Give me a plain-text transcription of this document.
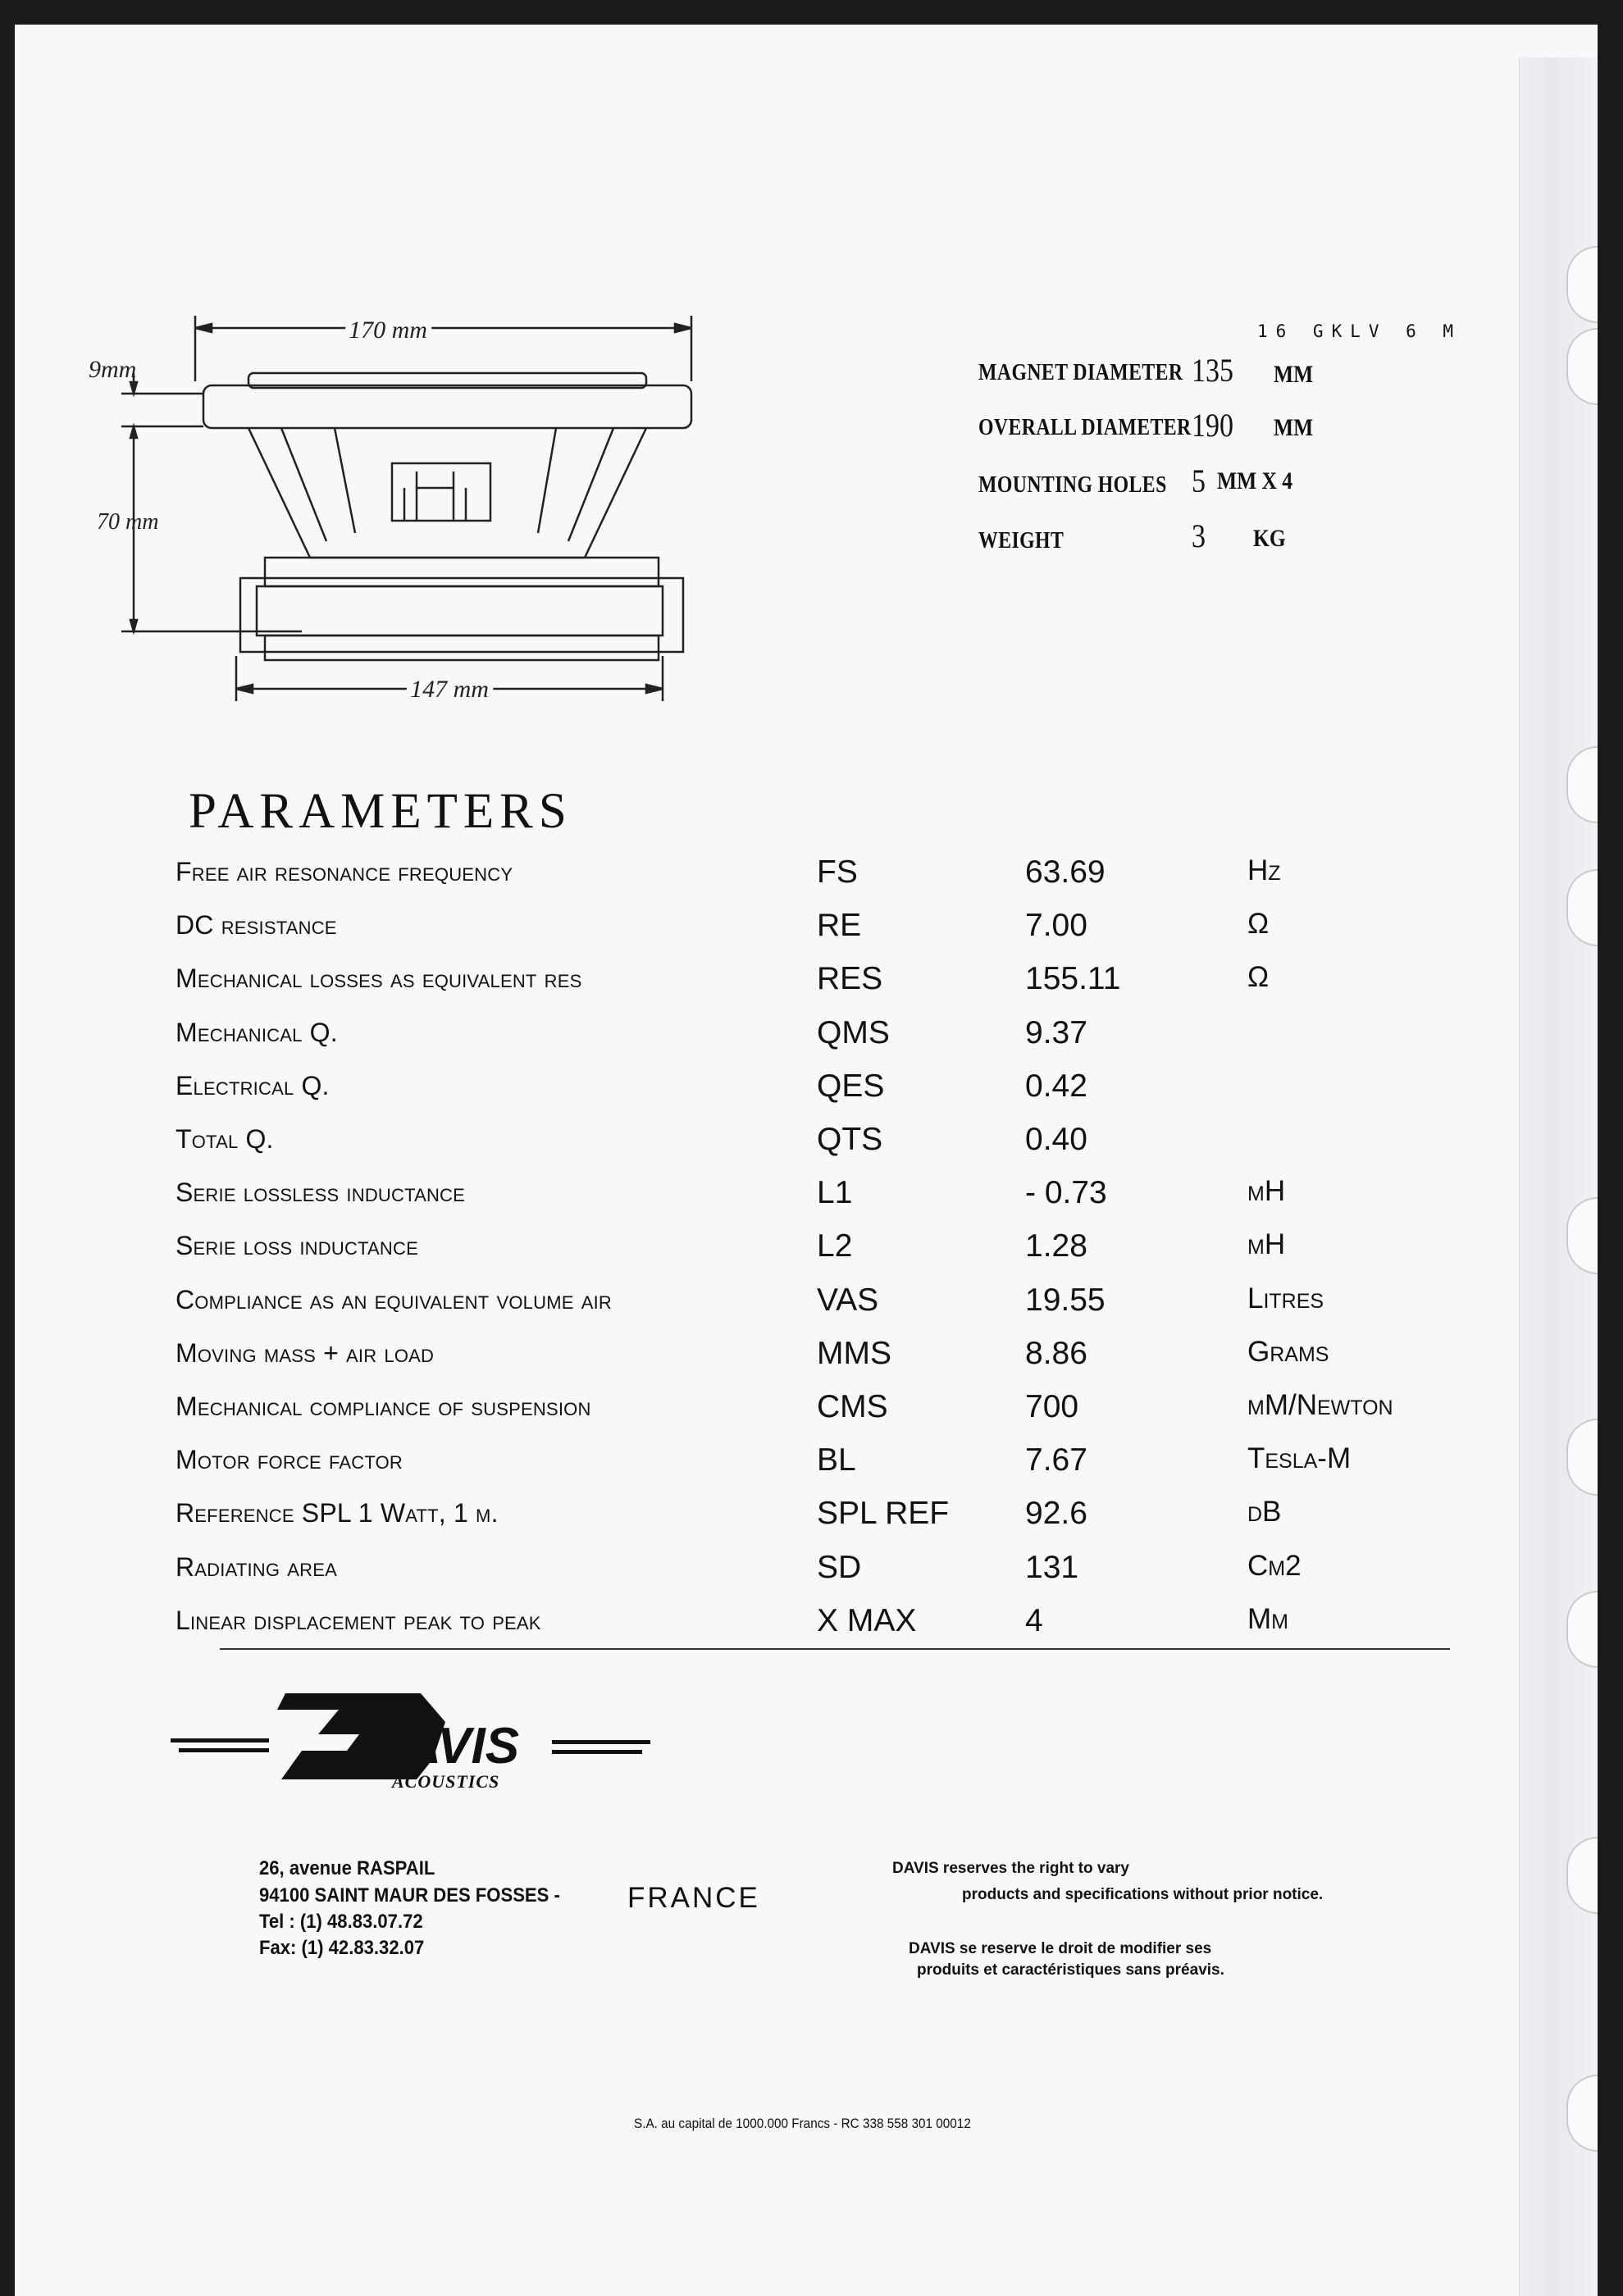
170 mm
9mm
70 mm
147 mm
16 GKLV 6 M
MAGNET DIAMETER 135 MM
OVERALL DIAMETER 190 MM
MOUNTING HOLES 5 MM X 4
WEIGHT	3 KG
PARAMETERS
Free air resonance frequency	FS	63.69	Hz
DC resistance	RE	7.00	Ω
Mechanical losses as equivalent res	RES	155.11	Ω
Mechanical Q.	QMS	9.37
Electrical Q.	QES	0.42
Total Q.	QTS	0.40
Serie lossless inductance	L1	- 0.73	mH
Serie loss inductance	L2	1.28	mH
Compliance as an equivalent volume air	VAS	19.55	Litres
Moving mass + air load	MMS	8.86	Grams
Mechanical compliance of suspension	CMS	700	µM/Newton
Motor force factor	BL	7.67	Tesla-M
Reference SPL 1 Watt, 1 m.	SPL REF 92.6	dB
Radiating area	SD	131	Cm2
Linear displacement peak to peak	X MAX	4	Mm
AVIS
ACOUSTICS
26, avenue RASPAIL
94100 SAINT MAUR DES FOSSES -
Tel : (1) 48.83.07.72
Fax: (1) 42.83.32.07
FRANCE
DAVIS reserves the right to vary
products and specifications without prior notice.
DAVIS se reserve le droit de modifier ses
produits et caractéristiques sans préavis.
S.A. au capital de 1000.000 Francs - RC 338 558 301 00012
